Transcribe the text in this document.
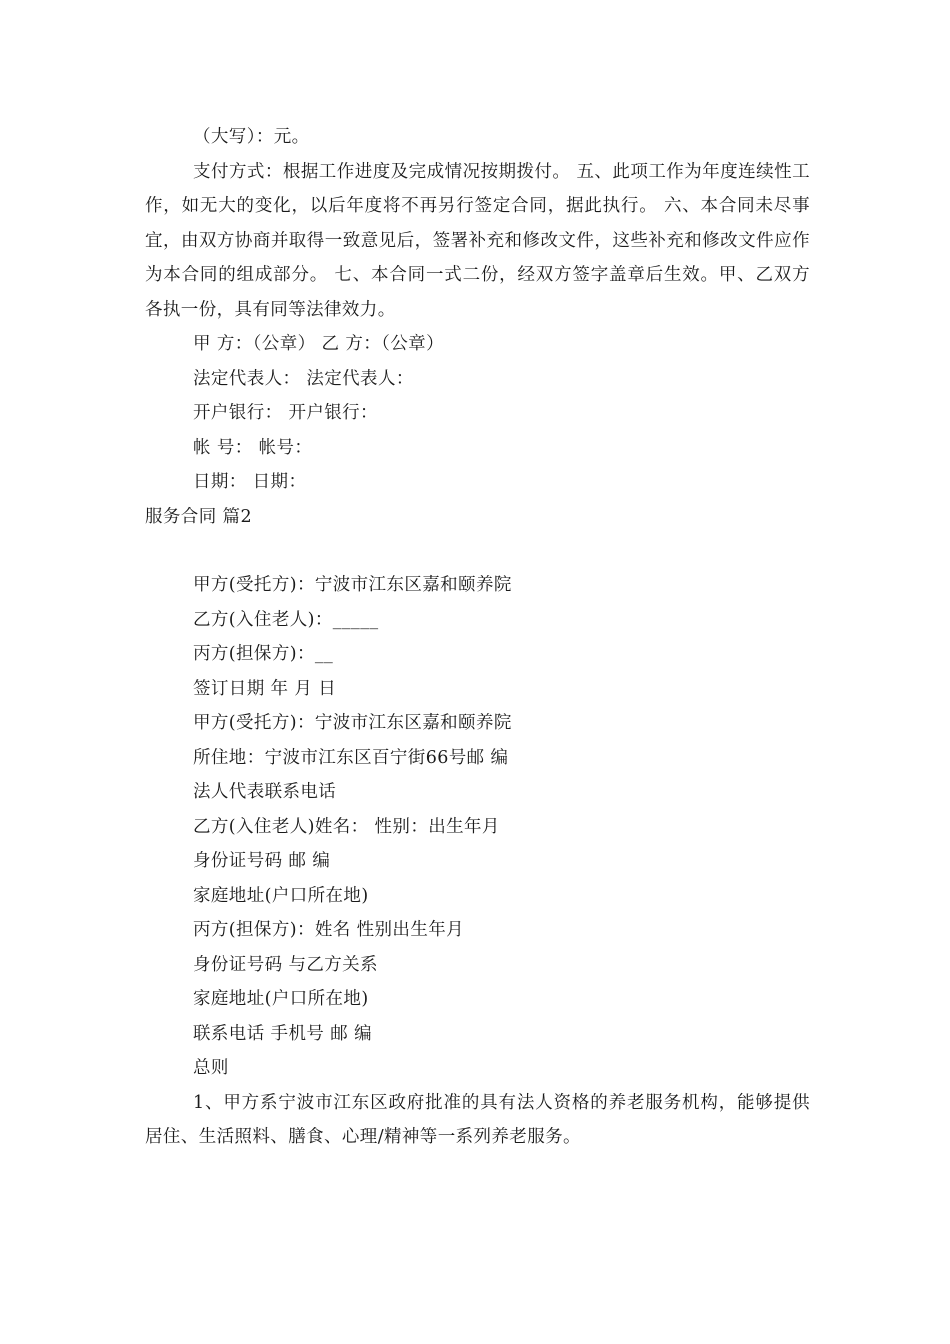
（大写）：元。

支付方式：根据工作进度及完成情况按期拨付。 五、此项工作为年度连续性工作，如无大的变化，以后年度将不再另行签定合同，据此执行。 六、本合同未尽事宜，由双方协商并取得一致意见后，签署补充和修改文件，这些补充和修改文件应作为本合同的组成部分。 七、本合同一式二份，经双方签字盖章后生效。甲、乙双方各执一份，具有同等法律效力。

甲 方：（公章） 乙 方：（公章）

法定代表人： 法定代表人：

开户银行： 开户银行：

帐 号： 帐号：

日期： 日期：

服务合同 篇2

甲方(受托方)：宁波市江东区嘉和颐养院

乙方(入住老人)：_____

丙方(担保方)：__

签订日期 年 月 日

甲方(受托方)：宁波市江东区嘉和颐养院

所住地：宁波市江东区百宁街66号邮 编

法人代表联系电话

乙方(入住老人)姓名： 性别：出生年月

身份证号码 邮 编

家庭地址(户口所在地)

丙方(担保方)：姓名 性别出生年月

身份证号码 与乙方关系

家庭地址(户口所在地)

联系电话 手机号 邮 编

总则

1、甲方系宁波市江东区政府批准的具有法人资格的养老服务机构，能够提供居住、生活照料、膳食、心理/精神等一系列养老服务。
